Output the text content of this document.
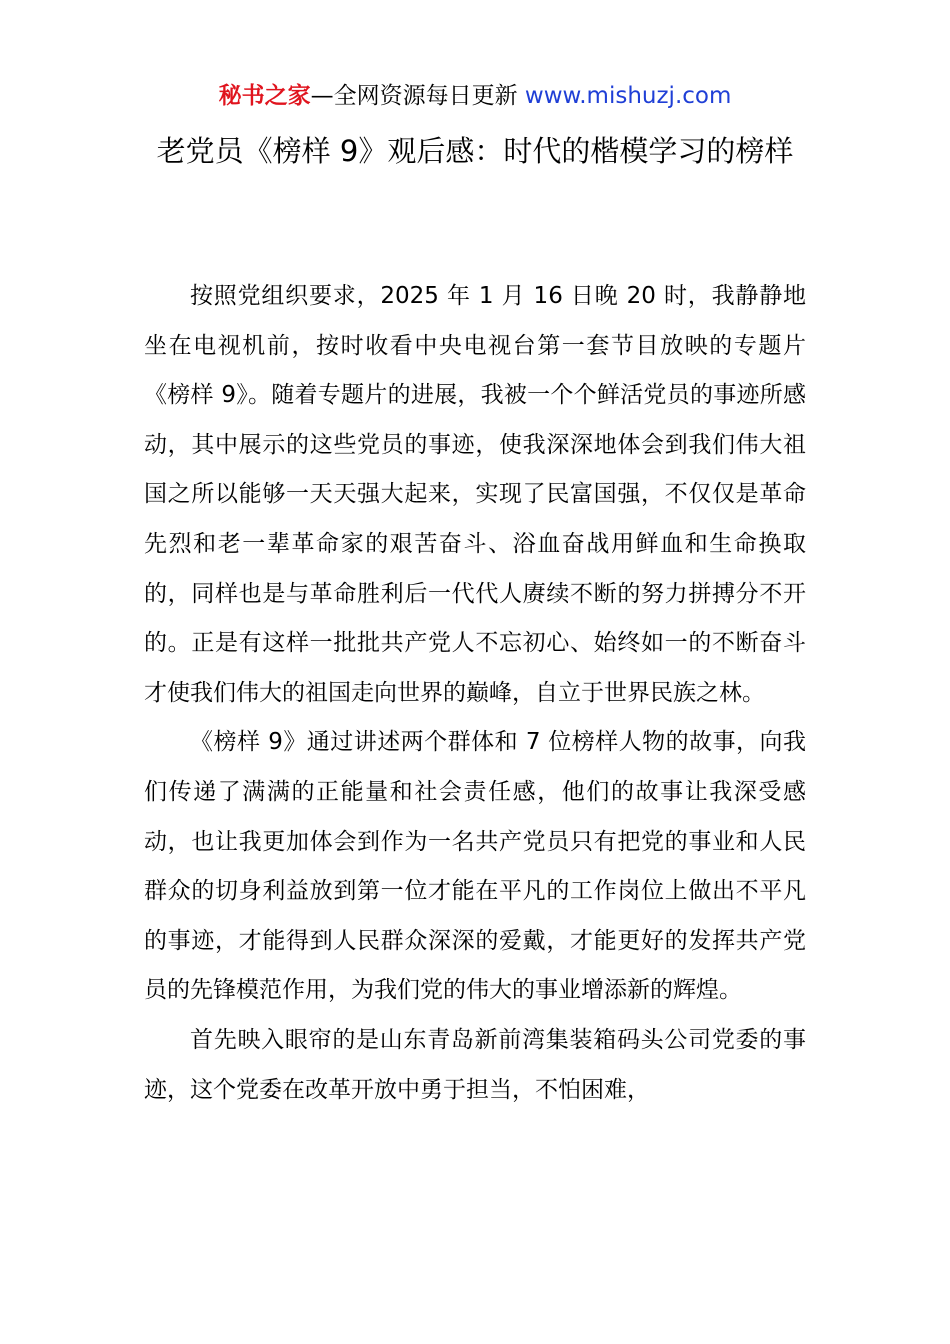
秘书之家—全网资源每日更新 www.mishuzj.com
老党员《榜样 9》观后感：时代的楷模学习的榜样

按照党组织要求，2025 年 1 月 16 日晚 20 时，我静静地坐在电视机前，按时收看中央电视台第一套节目放映的专题片《榜样 9》。随着专题片的进展，我被一个个鲜活党员的事迹所感动，其中展示的这些党员的事迹，使我深深地体会到我们伟大祖国之所以能够一天天强大起来，实现了民富国强，不仅仅是革命先烈和老一辈革命家的艰苦奋斗、浴血奋战用鲜血和生命换取的，同样也是与革命胜利后一代代人赓续不断的努力拼搏分不开的。正是有这样一批批共产党人不忘初心、始终如一的不断奋斗才使我们伟大的祖国走向世界的巅峰，自立于世界民族之林。

《榜样 9》通过讲述两个群体和 7 位榜样人物的故事，向我们传递了满满的正能量和社会责任感，他们的故事让我深受感动，也让我更加体会到作为一名共产党员只有把党的事业和人民群众的切身利益放到第一位才能在平凡的工作岗位上做出不平凡的事迹，才能得到人民群众深深的爱戴，才能更好的发挥共产党员的先锋模范作用，为我们党的伟大的事业增添新的辉煌。

首先映入眼帘的是山东青岛新前湾集装箱码头公司党委的事迹，这个党委在改革开放中勇于担当，不怕困难，
